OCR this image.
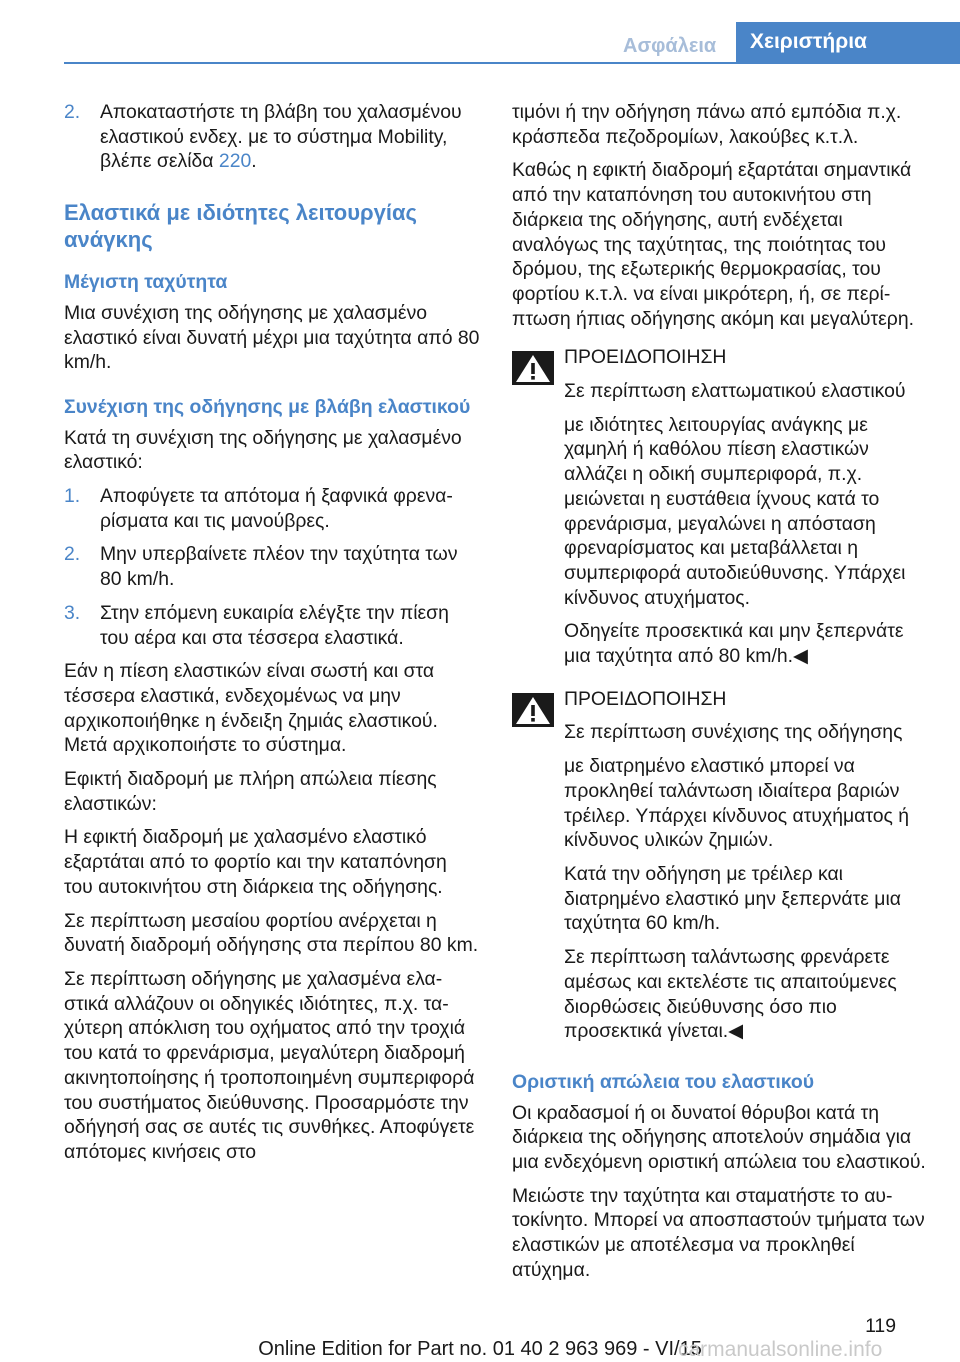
Ασφάλεια	Χειριστήρια
2.	Αποκαταστήστε τη βλάβη του χαλασμένου ελαστικού ενδεχ. με το σύστημα Mobility, βλέπε σελίδα 220.
Ελαστικά με ιδιότητες λειτουργίας ανάγκης
Μέγιστη ταχύτητα

Μια συνέχιση της οδήγησης με χαλασμένο ελαστικό είναι δυνατή μέχρι μια ταχύτητα από 80 km/h.

Συνέχιση της οδήγησης με βλάβη ελαστικού

Κατά τη συνέχιση της οδήγησης με χαλασμένο ελαστικό:

1.	Αποφύγετε τα απότομα ή ξαφνικά φρεναρίσματα και τις μανούβρες.
2.	Μην υπερβαίνετε πλέον την ταχύτητα των 80 km/h.
3.	Στην επόμενη ευκαιρία ελέγξτε την πίεση του αέρα και στα τέσσερα ελαστικά.

Εάν η πίεση ελαστικών είναι σωστή και στα τέσσερα ελαστικά, ενδεχομένως να μην αρχικοποιήθηκε η ένδειξη ζημιάς ελαστικού. Μετά αρχικοποιήστε το σύστημα.

Εφικτή διαδρομή με πλήρη απώλεια πίεσης ελαστικών:

Η εφικτή διαδρομή με χαλασμένο ελαστικό εξαρτάται από το φορτίο και την καταπόνηση του αυτοκινήτου στη διάρκεια της οδήγησης.

Σε περίπτωση μεσαίου φορτίου ανέρχεται η δυνατή διαδρομή οδήγησης στα περίπου 80 km.

Σε περίπτωση οδήγησης με χαλασμένα ελαστικά αλλάζουν οι οδηγικές ιδιότητες, π.χ. ταχύτερη απόκλιση του οχήματος από την τροχιά του κατά το φρενάρισμα, μεγαλύτερη διαδρομή ακινητοποίησης ή τροποποιημένη συμπεριφορά του συστήματος διεύθυνσης. Προσαρμόστε την οδήγησή σας σε αυτές τις συνθήκες. Αποφύγετε απότομες κινήσεις στο

τιμόνι ή την οδήγηση πάνω από εμπόδια π.χ. κράσπεδα πεζοδρομίων, λακούβες κ.τ.λ.

Καθώς η εφικτή διαδρομή εξαρτάται σημαντικά από την καταπόνηση του αυτοκινήτου στη διάρκεια της οδήγησης, αυτή ενδέχεται αναλόγως της ταχύτητας, της ποιότητας του δρόμου, της εξωτερικής θερμοκρασίας, του φορτίου κ.τ.λ. να είναι μικρότερη, ή, σε περίπτωση ήπιας οδήγησης ακόμη και μεγαλύτερη.

ΠΡΟΕΙΔΟΠΟΙΗΣΗ

Σε περίπτωση ελαττωματικού ελαστικού

με ιδιότητες λειτουργίας ανάγκης με χαμηλή ή καθόλου πίεση ελαστικών αλλάζει η οδική συμπεριφορά, π.χ. μειώνεται η ευστάθεια ίχνους κατά το φρενάρισμα, μεγαλώνει η απόσταση φρεναρίσματος και μεταβάλλεται η συμπεριφορά αυτοδιεύθυνσης. Υπάρχει κίνδυνος ατυχήματος.

Οδηγείτε προσεκτικά και μην ξεπερνάτε μια ταχύτητα από 80 km/h.◀

ΠΡΟΕΙΔΟΠΟΙΗΣΗ

Σε περίπτωση συνέχισης της οδήγησης

με διατρημένο ελαστικό μπορεί να προκληθεί ταλάντωση ιδιαίτερα βαριών τρέιλερ. Υπάρχει κίνδυνος ατυχήματος ή κίνδυνος υλικών ζημιών.

Κατά την οδήγηση με τρέιλερ και διατρημένο ελαστικό μην ξεπερνάτε μια ταχύτητα 60 km/h.

Σε περίπτωση ταλάντωσης φρενάρετε αμέσως και εκτελέστε τις απαιτούμενες διορθώσεις διεύθυνσης όσο πιο προσεκτικά γίνεται.◀

Οριστική απώλεια του ελαστικού

Οι κραδασμοί ή οι δυνατοί θόρυβοι κατά τη διάρκεια της οδήγησης αποτελούν σημάδια για μια ενδεχόμενη οριστική απώλεια του ελαστικού.

Μειώστε την ταχύτητα και σταματήστε το αυτοκίνητο. Μπορεί να αποσπαστούν τμήματα των ελαστικών με αποτέλεσμα να προκληθεί ατύχημα.

119
Online Edition for Part no. 01 40 2 963 969 - VI/15
carmanualsonline.info
